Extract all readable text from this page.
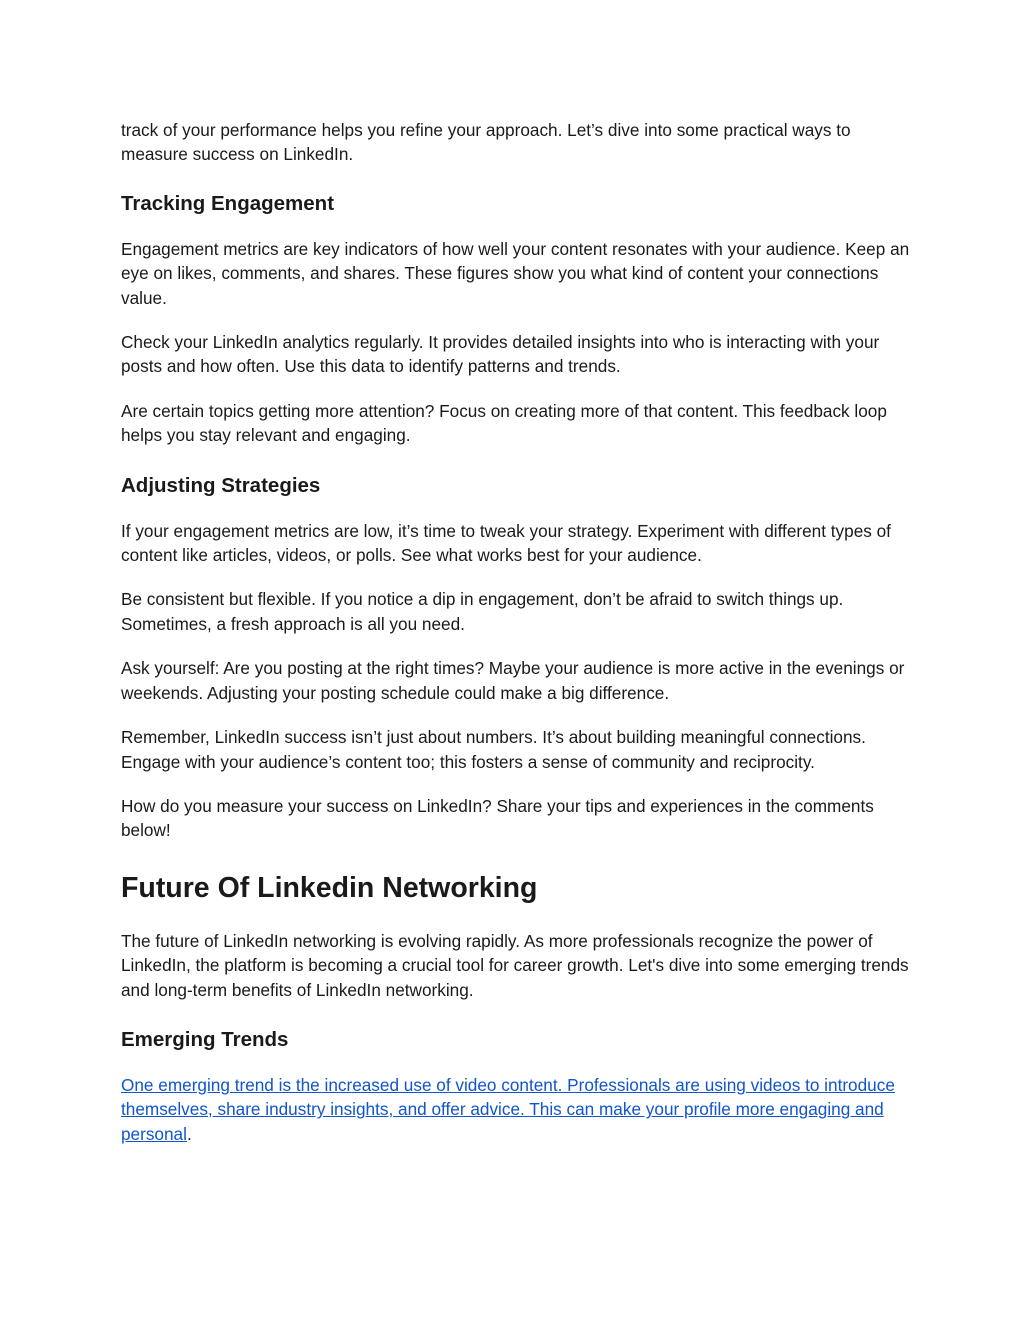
track of your performance helps you refine your approach. Let’s dive into some practical ways to measure success on LinkedIn.

Tracking Engagement

Engagement metrics are key indicators of how well your content resonates with your audience. Keep an eye on likes, comments, and shares. These figures show you what kind of content your connections value.

Check your LinkedIn analytics regularly. It provides detailed insights into who is interacting with your posts and how often. Use this data to identify patterns and trends.

Are certain topics getting more attention? Focus on creating more of that content. This feedback loop helps you stay relevant and engaging.

Adjusting Strategies

If your engagement metrics are low, it’s time to tweak your strategy. Experiment with different types of content like articles, videos, or polls. See what works best for your audience.

Be consistent but flexible. If you notice a dip in engagement, don’t be afraid to switch things up. Sometimes, a fresh approach is all you need.

Ask yourself: Are you posting at the right times? Maybe your audience is more active in the evenings or weekends. Adjusting your posting schedule could make a big difference.

Remember, LinkedIn success isn’t just about numbers. It’s about building meaningful connections. Engage with your audience’s content too; this fosters a sense of community and reciprocity.

How do you measure your success on LinkedIn? Share your tips and experiences in the comments below!

Future Of Linkedin Networking

The future of LinkedIn networking is evolving rapidly. As more professionals recognize the power of LinkedIn, the platform is becoming a crucial tool for career growth. Let's dive into some emerging trends and long-term benefits of LinkedIn networking.

Emerging Trends

One emerging trend is the increased use of video content. Professionals are using videos to introduce themselves, share industry insights, and offer advice. This can make your profile more engaging and personal.
